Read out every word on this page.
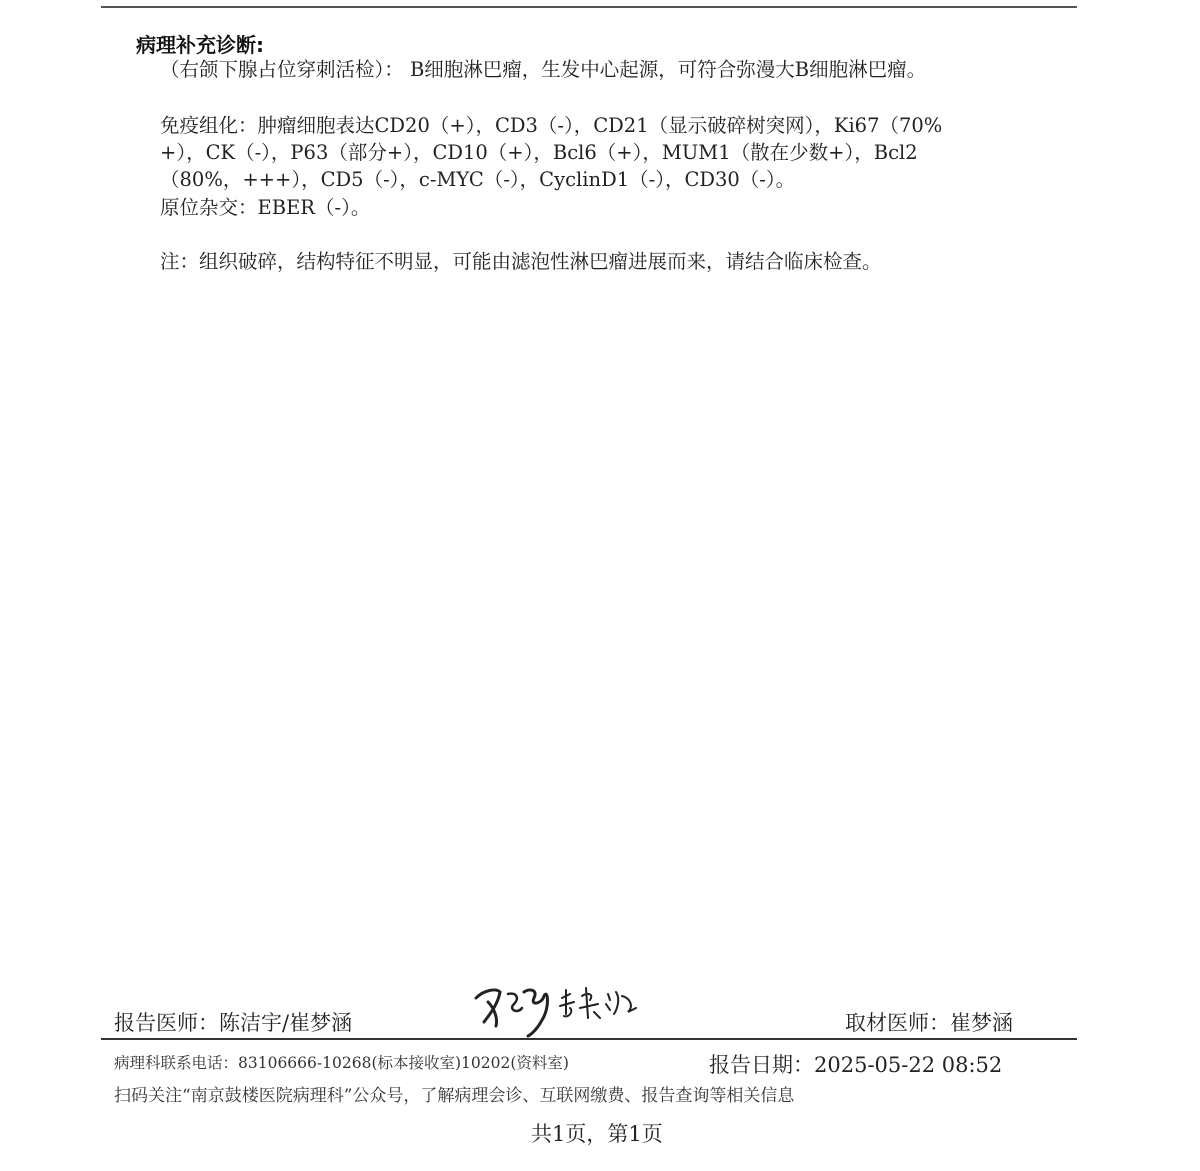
病理补充诊断:
（右颌下腺占位穿刺活检）： B细胞淋巴瘤，生发中心起源，可符合弥漫大B细胞淋巴瘤。
免疫组化：肿瘤细胞表达CD20（+），CD3（-），CD21（显示破碎树突网），Ki67（70%
+），CK（-），P63（部分+），CD10（+），Bcl6（+），MUM1（散在少数+），Bcl2
（80%，+++），CD5（-），c-MYC（-），CyclinD1（-），CD30（-）。
原位杂交：EBER（-）。
注：组织破碎，结构特征不明显，可能由滤泡性淋巴瘤进展而来，请结合临床检查。
报告医师：陈洁宇/崔梦涵	取材医师：崔梦涵
病理科联系电话：83106666-10268(标本接收室)10202(资料室)	报告日期：2025-05-22 08:52
扫码关注“南京鼓楼医院病理科”公众号，了解病理会诊、互联网缴费、报告查询等相关信息
共1页，第1页
